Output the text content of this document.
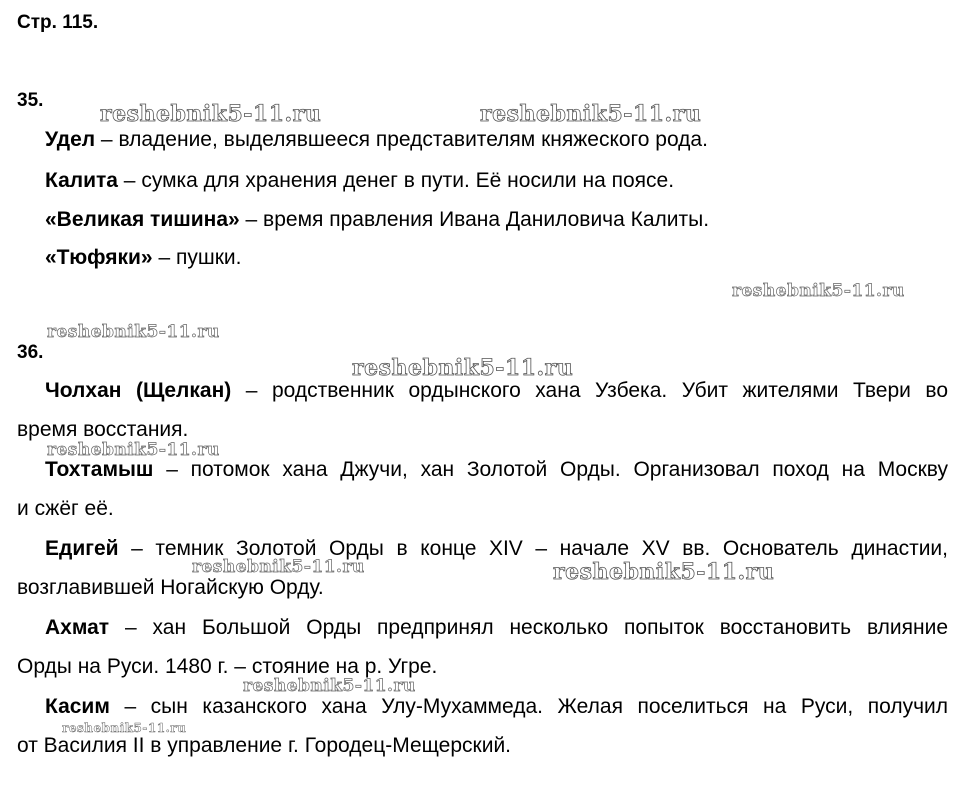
Стр. 115.
35.
Удел – владение, выделявшееся представителям княжеского рода.
Калита – сумка для хранения денег в пути. Её носили на поясе.
«Великая тишина» – время правления Ивана Даниловича Калиты.
«Тюфяки» – пушки.
36.
Чолхан (Щелкан) – родственник ордынского хана Узбека. Убит жителями Твери во
время восстания.
Тохтамыш – потомок хана Джучи, хан Золотой Орды. Организовал поход на Москву
и сжёг её.
Едигей – темник Золотой Орды в конце XIV – начале XV вв. Основатель династии,
возглавившей Ногайскую Орду.
Ахмат – хан Большой Орды предпринял несколько попыток восстановить влияние
Орды на Руси. 1480 г. – стояние на р. Угре.
Касим – сын казанского хана Улу-Мухаммеда. Желая поселиться на Руси, получил
от Василия II в управление г. Городец-Мещерский.
reshebnik5-11.ru	reshebnik5-11.ru
reshebnik5-11.ru
reshebnik5-11.ru
reshebnik5-11.ru
reshebnik5-11.ru
reshebnik5-11.ru	reshebnik5-11.ru
reshebnik5-11.ru
reshebnik5-11.ru
